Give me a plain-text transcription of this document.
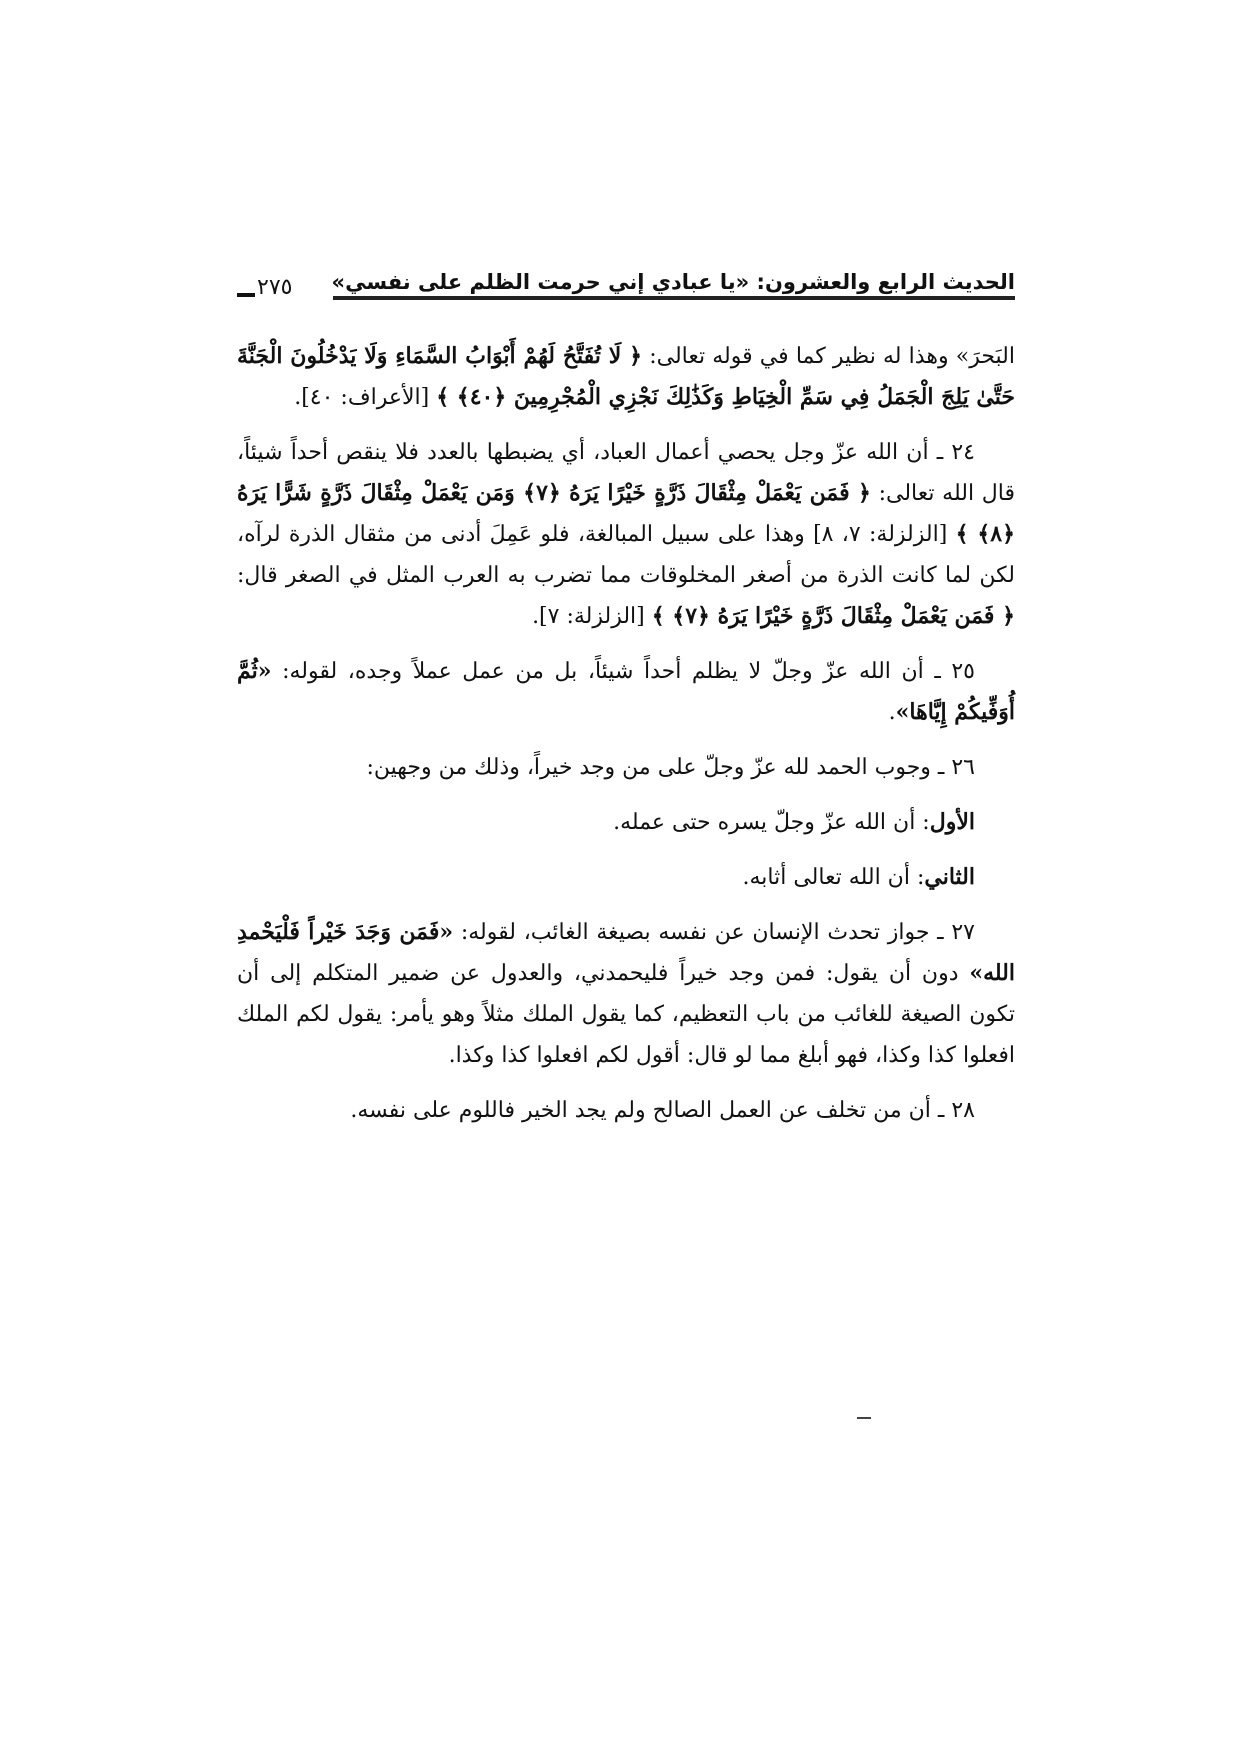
الحديث الرابع والعشرون: «يا عبادي إني حرمت الظلم على نفسي»
٢٧٥

البَحرَ» وهذا له نظير كما في قوله تعالى: ﴿ لَا تُفَتَّحُ لَهُمْ أَبْوَابُ السَّمَاءِ وَلَا يَدْخُلُونَ الْجَنَّةَ حَتَّىٰ يَلِجَ الْجَمَلُ فِي سَمِّ الْخِيَاطِ وَكَذَٰلِكَ نَجْزِي الْمُجْرِمِينَ ﴿٤٠﴾ ﴾ [الأعراف: ٤٠].

٢٤ ـ أن الله عزّ وجل يحصي أعمال العباد، أي يضبطها بالعدد فلا ينقص أحداً شيئاً، قال الله تعالى: ﴿ فَمَن يَعْمَلْ مِثْقَالَ ذَرَّةٍ خَيْرًا يَرَهُ ﴿٧﴾ وَمَن يَعْمَلْ مِثْقَالَ ذَرَّةٍ شَرًّا يَرَهُ ﴿٨﴾ ﴾ [الزلزلة: ٧، ٨] وهذا على سبيل المبالغة، فلو عَمِلَ أدنى من مثقال الذرة لرآه، لكن لما كانت الذرة من أصغر المخلوقات مما تضرب به العرب المثل في الصغر قال: ﴿ فَمَن يَعْمَلْ مِثْقَالَ ذَرَّةٍ خَيْرًا يَرَهُ ﴿٧﴾ ﴾ [الزلزلة: ٧].

٢٥ ـ أن الله عزّ وجلّ لا يظلم أحداً شيئاً، بل من عمل عملاً وجده، لقوله: «ثُمَّ أُوَفِّيكُمْ إِيَّاهَا».

٢٦ ـ وجوب الحمد لله عزّ وجلّ على من وجد خيراً، وذلك من وجهين:

الأول: أن الله عزّ وجلّ يسره حتى عمله.

الثاني: أن الله تعالى أثابه.

٢٧ ـ جواز تحدث الإنسان عن نفسه بصيغة الغائب، لقوله: «فَمَن وَجَدَ خَيْراً فَلْيَحْمدِ الله» دون أن يقول: فمن وجد خيراً فليحمدني، والعدول عن ضمير المتكلم إلى أن تكون الصيغة للغائب من باب التعظيم، كما يقول الملك مثلاً وهو يأمر: يقول لكم الملك افعلوا كذا وكذا، فهو أبلغ مما لو قال: أقول لكم افعلوا كذا وكذا.

٢٨ ـ أن من تخلف عن العمل الصالح ولم يجد الخير فاللوم على نفسه.
